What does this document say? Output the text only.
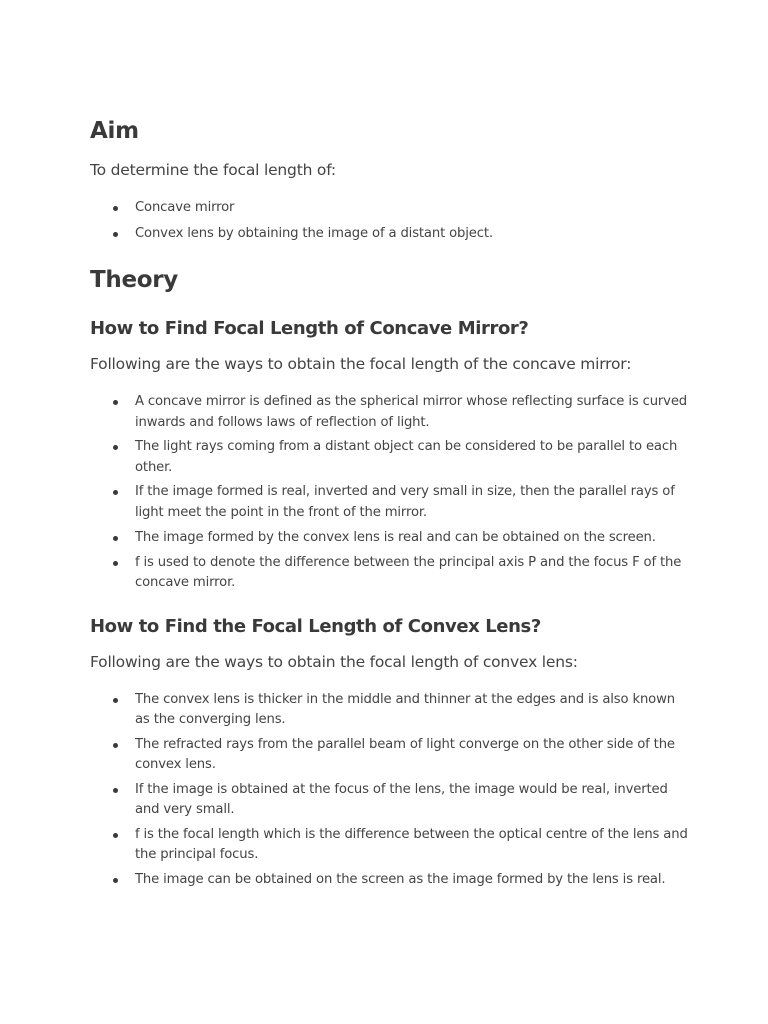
Aim

To determine the focal length of:

Concave mirror
Convex lens by obtaining the image of a distant object.
Theory
How to Find Focal Length of Concave Mirror?

Following are the ways to obtain the focal length of the concave mirror:

A concave mirror is defined as the spherical mirror whose reflecting surface is curved inwards and follows laws of reflection of light.
The light rays coming from a distant object can be considered to be parallel to each other.
If the image formed is real, inverted and very small in size, then the parallel rays of light meet the point in the front of the mirror.
The image formed by the convex lens is real and can be obtained on the screen.
f is used to denote the difference between the principal axis P and the focus F of the concave mirror.
How to Find the Focal Length of Convex Lens?

Following are the ways to obtain the focal length of convex lens:

The convex lens is thicker in the middle and thinner at the edges and is also known as the converging lens.
The refracted rays from the parallel beam of light converge on the other side of the convex lens.
If the image is obtained at the focus of the lens, the image would be real, inverted and very small.
f is the focal length which is the difference between the optical centre of the lens and the principal focus.
The image can be obtained on the screen as the image formed by the lens is real.
